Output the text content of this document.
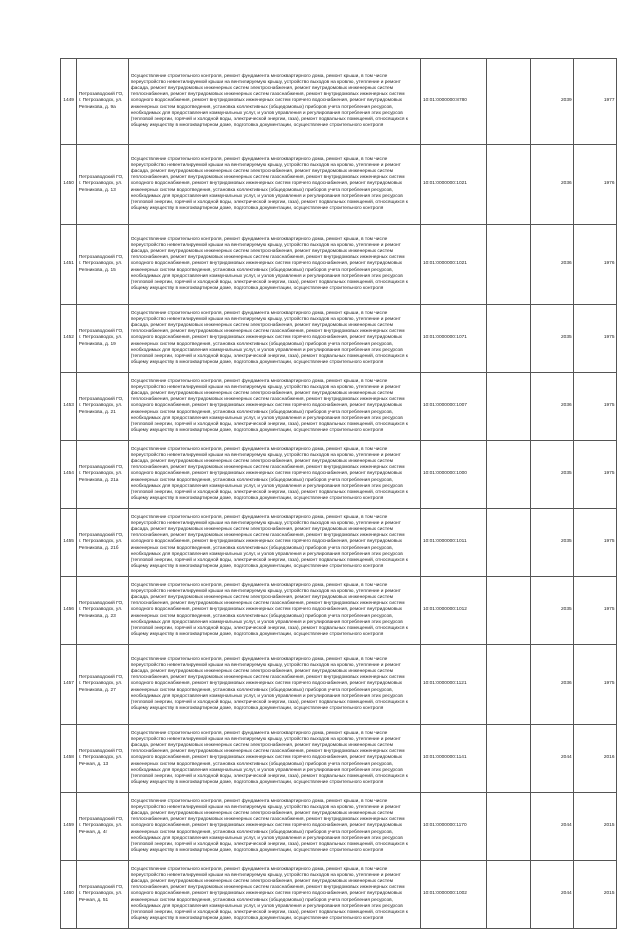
1449	Петрозаводский ГО, г. Петрозаводск, ул. Репникова, д. 9а	Осуществление строительного контроля, ремонт фундамента многоквартирного дома, ремонт крыши, в том числе переустройство невентилируемой крыши на вентилируемую крышу, устройство выходов на кровлю, утепление и ремонт фасада, ремонт внутридомовых инженерных систем электроснабжения, ремонт внутридомовых инженерных систем теплоснабжения, ремонт внутридомовых инженерных систем газоснабжения, ремонт внутридомовых инженерных систем холодного водоснабжения, ремонт внутридомовых инженерных систем горячего водоснабжения, ремонт внутридомовых инженерных систем водоотведения, установка коллективных (общедомовых) приборов учета потребления ресурсов, необходимых для предоставления коммунальных услуг, и узлов управления и регулирования потребления этих ресурсов (тепловой энергии, горячей и холодной воды, электрической энергии, газа), ремонт подвальных помещений, относящихся к общему имуществу в многоквартирном доме, подготовка документации, осуществление строительного контроля	10:01:0000000:8780		2039	1977
1450	Петрозаводский ГО, г. Петрозаводск, ул. Репникова, д. 13	Осуществление строительного контроля, ремонт фундамента многоквартирного дома, ремонт крыши, в том числе переустройство невентилируемой крыши на вентилируемую крышу, устройство выходов на кровлю, утепление и ремонт фасада, ремонт внутридомовых инженерных систем электроснабжения, ремонт внутридомовых инженерных систем теплоснабжения, ремонт внутридомовых инженерных систем газоснабжения, ремонт внутридомовых инженерных систем холодного водоснабжения, ремонт внутридомовых инженерных систем горячего водоснабжения, ремонт внутридомовых инженерных систем водоотведения, установка коллективных (общедомовых) приборов учета потребления ресурсов, необходимых для предоставления коммунальных услуг, и узлов управления и регулирования потребления этих ресурсов (тепловой энергии, горячей и холодной воды, электрической энергии, газа), ремонт подвальных помещений, относящихся к общему имуществу в многоквартирном доме, подготовка документации, осуществление строительного контроля	10:01:0000000:1021		2036	1976
1451	Петрозаводский ГО, г. Петрозаводск, ул. Репникова, д. 15	Осуществление строительного контроля, ремонт фундамента многоквартирного дома, ремонт крыши, в том числе переустройство невентилируемой крыши на вентилируемую крышу, устройство выходов на кровлю, утепление и ремонт фасада, ремонт внутридомовых инженерных систем электроснабжения, ремонт внутридомовых инженерных систем теплоснабжения, ремонт внутридомовых инженерных систем газоснабжения, ремонт внутридомовых инженерных систем холодного водоснабжения, ремонт внутридомовых инженерных систем горячего водоснабжения, ремонт внутридомовых инженерных систем водоотведения, установка коллективных (общедомовых) приборов учета потребления ресурсов, необходимых для предоставления коммунальных услуг, и узлов управления и регулирования потребления этих ресурсов (тепловой энергии, горячей и холодной воды, электрической энергии, газа), ремонт подвальных помещений, относящихся к общему имуществу в многоквартирном доме, подготовка документации, осуществление строительного контроля	10:01:0000000:1021		2036	1976
1452	Петрозаводский ГО, г. Петрозаводск, ул. Репникова, д. 19	Осуществление строительного контроля, ремонт фундамента многоквартирного дома, ремонт крыши, в том числе переустройство невентилируемой крыши на вентилируемую крышу, устройство выходов на кровлю, утепление и ремонт фасада, ремонт внутридомовых инженерных систем электроснабжения, ремонт внутридомовых инженерных систем теплоснабжения, ремонт внутридомовых инженерных систем газоснабжения, ремонт внутридомовых инженерных систем холодного водоснабжения, ремонт внутридомовых инженерных систем горячего водоснабжения, ремонт внутридомовых инженерных систем водоотведения, установка коллективных (общедомовых) приборов учета потребления ресурсов, необходимых для предоставления коммунальных услуг, и узлов управления и регулирования потребления этих ресурсов (тепловой энергии, горячей и холодной воды, электрической энергии, газа), ремонт подвальных помещений, относящихся к общему имуществу в многоквартирном доме, подготовка документации, осуществление строительного контроля	10:01:0000000:1071		2035	1975
1453	Петрозаводский ГО, г. Петрозаводск, ул. Репникова, д. 21	Осуществление строительного контроля, ремонт фундамента многоквартирного дома, ремонт крыши, в том числе переустройство невентилируемой крыши на вентилируемую крышу, устройство выходов на кровлю, утепление и ремонт фасада, ремонт внутридомовых инженерных систем электроснабжения, ремонт внутридомовых инженерных систем теплоснабжения, ремонт внутридомовых инженерных систем газоснабжения, ремонт внутридомовых инженерных систем холодного водоснабжения, ремонт внутридомовых инженерных систем горячего водоснабжения, ремонт внутридомовых инженерных систем водоотведения, установка коллективных (общедомовых) приборов учета потребления ресурсов, необходимых для предоставления коммунальных услуг, и узлов управления и регулирования потребления этих ресурсов (тепловой энергии, горячей и холодной воды, электрической энергии, газа), ремонт подвальных помещений, относящихся к общему имуществу в многоквартирном доме, подготовка документации, осуществление строительного контроля	10:01:0000000:1007		2036	1975
1454	Петрозаводский ГО, г. Петрозаводск, ул. Репникова, д. 21а	Осуществление строительного контроля, ремонт фундамента многоквартирного дома, ремонт крыши, в том числе переустройство невентилируемой крыши на вентилируемую крышу, устройство выходов на кровлю, утепление и ремонт фасада, ремонт внутридомовых инженерных систем электроснабжения, ремонт внутридомовых инженерных систем теплоснабжения, ремонт внутридомовых инженерных систем газоснабжения, ремонт внутридомовых инженерных систем холодного водоснабжения, ремонт внутридомовых инженерных систем горячего водоснабжения, ремонт внутридомовых инженерных систем водоотведения, установка коллективных (общедомовых) приборов учета потребления ресурсов, необходимых для предоставления коммунальных услуг, и узлов управления и регулирования потребления этих ресурсов (тепловой энергии, горячей и холодной воды, электрической энергии, газа), ремонт подвальных помещений, относящихся к общему имуществу в многоквартирном доме, подготовка документации, осуществление строительного контроля	10:01:0000000:1000		2035	1975
1455	Петрозаводский ГО, г. Петрозаводск, ул. Репникова, д. 21б	Осуществление строительного контроля, ремонт фундамента многоквартирного дома, ремонт крыши, в том числе переустройство невентилируемой крыши на вентилируемую крышу, устройство выходов на кровлю, утепление и ремонт фасада, ремонт внутридомовых инженерных систем электроснабжения, ремонт внутридомовых инженерных систем теплоснабжения, ремонт внутридомовых инженерных систем газоснабжения, ремонт внутридомовых инженерных систем холодного водоснабжения, ремонт внутридомовых инженерных систем горячего водоснабжения, ремонт внутридомовых инженерных систем водоотведения, установка коллективных (общедомовых) приборов учета потребления ресурсов, необходимых для предоставления коммунальных услуг, и узлов управления и регулирования потребления этих ресурсов (тепловой энергии, горячей и холодной воды, электрической энергии, газа), ремонт подвальных помещений, относящихся к общему имуществу в многоквартирном доме, подготовка документации, осуществление строительного контроля	10:01:0000000:1011		2035	1975
1456	Петрозаводский ГО, г. Петрозаводск, ул. Репникова, д. 23	Осуществление строительного контроля, ремонт фундамента многоквартирного дома, ремонт крыши, в том числе переустройство невентилируемой крыши на вентилируемую крышу, устройство выходов на кровлю, утепление и ремонт фасада, ремонт внутридомовых инженерных систем электроснабжения, ремонт внутридомовых инженерных систем теплоснабжения, ремонт внутридомовых инженерных систем газоснабжения, ремонт внутридомовых инженерных систем холодного водоснабжения, ремонт внутридомовых инженерных систем горячего водоснабжения, ремонт внутридомовых инженерных систем водоотведения, установка коллективных (общедомовых) приборов учета потребления ресурсов, необходимых для предоставления коммунальных услуг, и узлов управления и регулирования потребления этих ресурсов (тепловой энергии, горячей и холодной воды, электрической энергии, газа), ремонт подвальных помещений, относящихся к общему имуществу в многоквартирном доме, подготовка документации, осуществление строительного контроля	10:01:0000000:1012		2035	1975
1457	Петрозаводский ГО, г. Петрозаводск, ул. Репникова, д. 27	Осуществление строительного контроля, ремонт фундамента многоквартирного дома, ремонт крыши, в том числе переустройство невентилируемой крыши на вентилируемую крышу, устройство выходов на кровлю, утепление и ремонт фасада, ремонт внутридомовых инженерных систем электроснабжения, ремонт внутридомовых инженерных систем теплоснабжения, ремонт внутридомовых инженерных систем газоснабжения, ремонт внутридомовых инженерных систем холодного водоснабжения, ремонт внутридомовых инженерных систем горячего водоснабжения, ремонт внутридомовых инженерных систем водоотведения, установка коллективных (общедомовых) приборов учета потребления ресурсов, необходимых для предоставления коммунальных услуг, и узлов управления и регулирования потребления этих ресурсов (тепловой энергии, горячей и холодной воды, электрической энергии, газа), ремонт подвальных помещений, относящихся к общему имуществу в многоквартирном доме, подготовка документации, осуществление строительного контроля	10:01:0000000:1121		2036	1975
1458	Петрозаводский ГО, г. Петрозаводск, ул. Речная, д. 13	Осуществление строительного контроля, ремонт фундамента многоквартирного дома, ремонт крыши, в том числе переустройство невентилируемой крыши на вентилируемую крышу, устройство выходов на кровлю, утепление и ремонт фасада, ремонт внутридомовых инженерных систем электроснабжения, ремонт внутридомовых инженерных систем теплоснабжения, ремонт внутридомовых инженерных систем газоснабжения, ремонт внутридомовых инженерных систем холодного водоснабжения, ремонт внутридомовых инженерных систем горячего водоснабжения, ремонт внутридомовых инженерных систем водоотведения, установка коллективных (общедомовых) приборов учета потребления ресурсов, необходимых для предоставления коммунальных услуг, и узлов управления и регулирования потребления этих ресурсов (тепловой энергии, горячей и холодной воды, электрической энергии, газа), ремонт подвальных помещений, относящихся к общему имуществу в многоквартирном доме, подготовка документации, осуществление строительного контроля	10:01:0000000:1141		2044	2016
1459	Петрозаводский ГО, г. Петрозаводск, ул. Речная, д. 4г	Осуществление строительного контроля, ремонт фундамента многоквартирного дома, ремонт крыши, в том числе переустройство невентилируемой крыши на вентилируемую крышу, устройство выходов на кровлю, утепление и ремонт фасада, ремонт внутридомовых инженерных систем электроснабжения, ремонт внутридомовых инженерных систем теплоснабжения, ремонт внутридомовых инженерных систем газоснабжения, ремонт внутридомовых инженерных систем холодного водоснабжения, ремонт внутридомовых инженерных систем горячего водоснабжения, ремонт внутридомовых инженерных систем водоотведения, установка коллективных (общедомовых) приборов учета потребления ресурсов, необходимых для предоставления коммунальных услуг, и узлов управления и регулирования потребления этих ресурсов (тепловой энергии, горячей и холодной воды, электрической энергии, газа), ремонт подвальных помещений, относящихся к общему имуществу в многоквартирном доме, подготовка документации, осуществление строительного контроля	10:01:0000000:1170		2044	2015
1460	Петрозаводский ГО, г. Петрозаводск, ул. Речная, д. 51	Осуществление строительного контроля, ремонт фундамента многоквартирного дома, ремонт крыши, в том числе переустройство невентилируемой крыши на вентилируемую крышу, устройство выходов на кровлю, утепление и ремонт фасада, ремонт внутридомовых инженерных систем электроснабжения, ремонт внутридомовых инженерных систем теплоснабжения, ремонт внутридомовых инженерных систем газоснабжения, ремонт внутридомовых инженерных систем холодного водоснабжения, ремонт внутридомовых инженерных систем горячего водоснабжения, ремонт внутридомовых инженерных систем водоотведения, установка коллективных (общедомовых) приборов учета потребления ресурсов, необходимых для предоставления коммунальных услуг, и узлов управления и регулирования потребления этих ресурсов (тепловой энергии, горячей и холодной воды, электрической энергии, газа), ремонт подвальных помещений, относящихся к общему имуществу в многоквартирном доме, подготовка документации, осуществление строительного контроля	10:01:0000000:1002		2044	2015
